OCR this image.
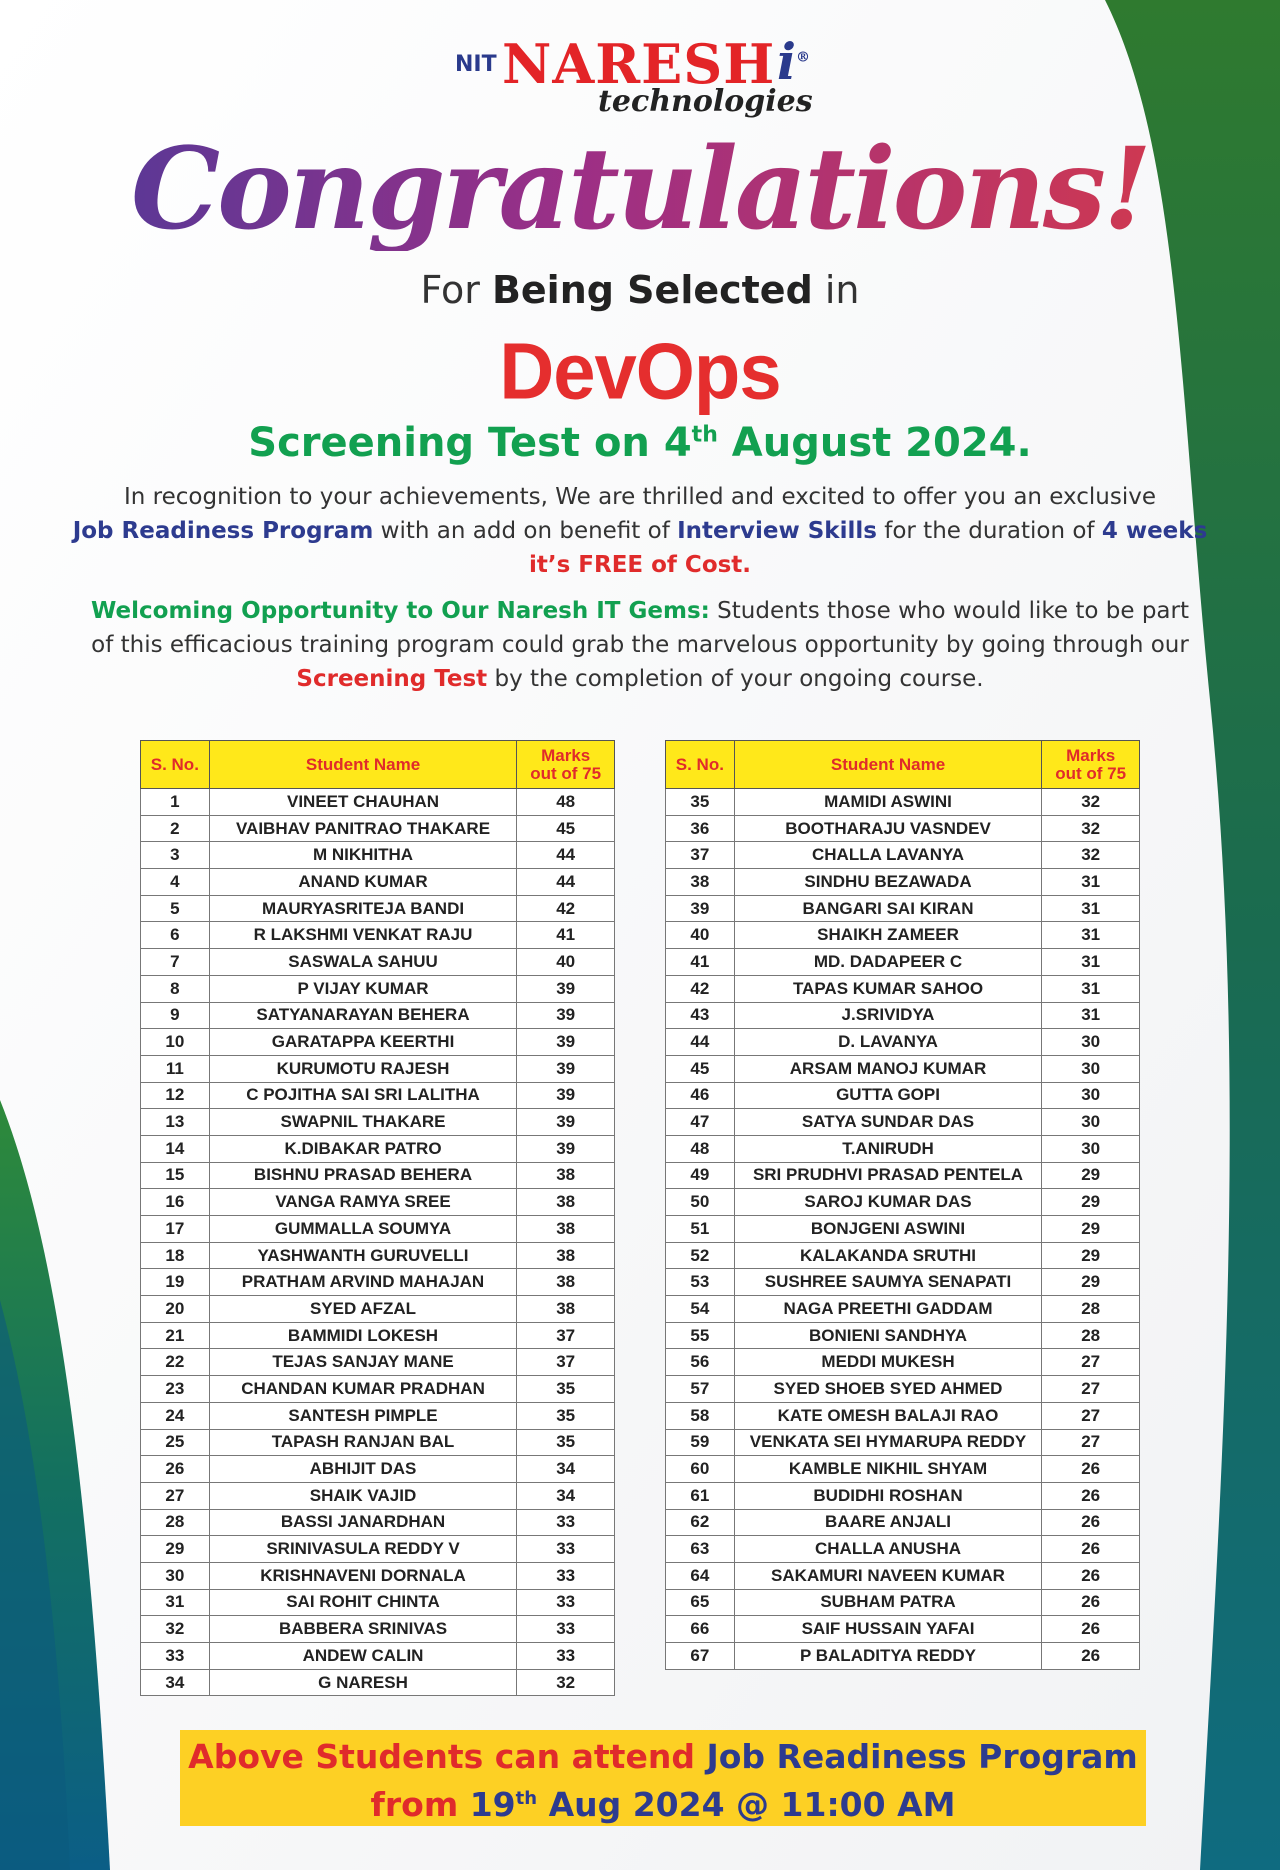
NIT NARESH i®
technologies
Congratulations!
For Being Selected in
DevOps
Screening Test on 4th August 2024.
In recognition to your achievements, We are thrilled and excited to offer you an exclusive
Job Readiness Program with an add on benefit of Interview Skills for the duration of 4 weeks
it’s FREE of Cost.
Welcoming Opportunity to Our Naresh IT Gems: Students those who would like to be part of this efficacious training program could grab the marvelous opportunity by going through our Screening Test by the completion of your ongoing course.
S. No.	Student Name	Marks
out of 75
1	VINEET CHAUHAN	48
2	VAIBHAV PANITRAO THAKARE	45
3	M NIKHITHA	44
4	ANAND KUMAR	44
5	MAURYASRITEJA BANDI	42
6	R LAKSHMI VENKAT RAJU	41
7	SASWALA SAHUU	40
8	P VIJAY KUMAR	39
9	SATYANARAYAN BEHERA	39
10	GARATAPPA KEERTHI	39
11	KURUMOTU RAJESH	39
12	C POJITHA SAI SRI LALITHA	39
13	SWAPNIL THAKARE	39
14	K.DIBAKAR PATRO	39
15	BISHNU PRASAD BEHERA	38
16	VANGA RAMYA SREE	38
17	GUMMALLA SOUMYA	38
18	YASHWANTH GURUVELLI	38
19	PRATHAM ARVIND MAHAJAN	38
20	SYED AFZAL	38
21	BAMMIDI LOKESH	37
22	TEJAS SANJAY MANE	37
23	CHANDAN KUMAR PRADHAN	35
24	SANTESH PIMPLE	35
25	TAPASH RANJAN BAL	35
26	ABHIJIT DAS	34
27	SHAIK VAJID	34
28	BASSI JANARDHAN	33
29	SRINIVASULA REDDY V	33
30	KRISHNAVENI DORNALA	33
31	SAI ROHIT CHINTA	33
32	BABBERA SRINIVAS	33
33	ANDEW CALIN	33
34	G NARESH	32
S. No.	Student Name	Marks
out of 75
35	MAMIDI ASWINI	32
36	BOOTHARAJU VASNDEV	32
37	CHALLA LAVANYA	32
38	SINDHU BEZAWADA	31
39	BANGARI SAI KIRAN	31
40	SHAIKH ZAMEER	31
41	MD. DADAPEER C	31
42	TAPAS KUMAR SAHOO	31
43	J.SRIVIDYA	31
44	D. LAVANYA	30
45	ARSAM MANOJ KUMAR	30
46	GUTTA GOPI	30
47	SATYA SUNDAR DAS	30
48	T.ANIRUDH	30
49	SRI PRUDHVI PRASAD PENTELA	29
50	SAROJ KUMAR DAS	29
51	BONJGENI ASWINI	29
52	KALAKANDA SRUTHI	29
53	SUSHREE SAUMYA SENAPATI	29
54	NAGA PREETHI GADDAM	28
55	BONIENI SANDHYA	28
56	MEDDI MUKESH	27
57	SYED SHOEB SYED AHMED	27
58	KATE OMESH BALAJI RAO	27
59	VENKATA SEI HYMARUPA REDDY	27
60	KAMBLE NIKHIL SHYAM	26
61	BUDIDHI ROSHAN	26
62	BAARE ANJALI	26
63	CHALLA ANUSHA	26
64	SAKAMURI NAVEEN KUMAR	26
65	SUBHAM PATRA	26
66	SAIF HUSSAIN YAFAI	26
67	P BALADITYA REDDY	26
Above Students can attend Job Readiness Program
from 19th Aug 2024 @ 11:00 AM
